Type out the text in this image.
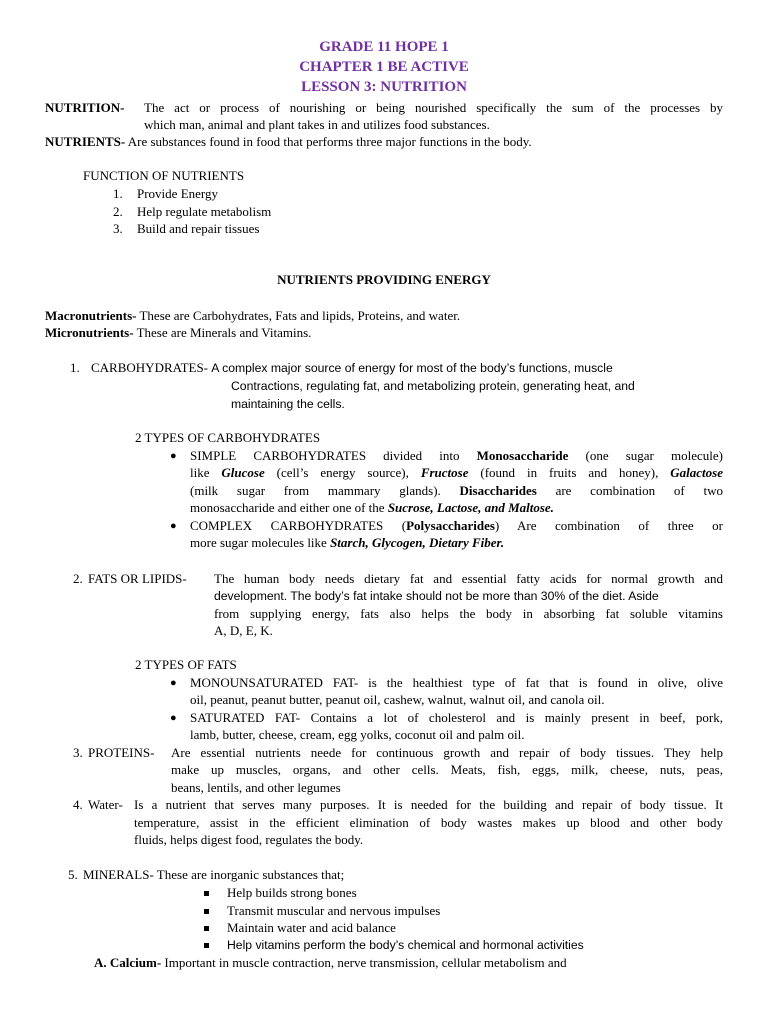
GRADE 11 HOPE 1
CHAPTER 1 BE ACTIVE
LESSON 3: NUTRITION
NUTRITION- The act or process of nourishing or being nourished specifically the sum of the processes by
which man, animal and plant takes in and utilizes food substances.
NUTRIENTS- Are substances found in food that performs three major functions in the body.
FUNCTION OF NUTRIENTS
1. Provide Energy
2. Help regulate metabolism
3. Build and repair tissues
NUTRIENTS PROVIDING ENERGY
Macronutrients- These are Carbohydrates, Fats and lipids, Proteins, and water.
Micronutrients- These are Minerals and Vitamins.
1. CARBOHYDRATES- A complex major source of energy for most of the body’s functions, muscle
Contractions, regulating fat, and metabolizing protein, generating heat, and
maintaining the cells.
2 TYPES OF CARBOHYDRATES
● SIMPLE CARBOHYDRATES divided into Monosaccharide (one sugar molecule)
like Glucose (cell’s energy source), Fructose (found in fruits and honey), Galactose
(milk sugar from mammary glands). Disaccharides are combination of two
monosaccharide and either one of the Sucrose, Lactose, and Maltose.
● COMPLEX CARBOHYDRATES (Polysaccharides) Are combination of three or
more sugar molecules like Starch, Glycogen, Dietary Fiber.
2. FATS OR LIPIDS- The human body needs dietary fat and essential fatty acids for normal growth and
development. The body’s fat intake should not be more than 30% of the diet. Aside
from supplying energy, fats also helps the body in absorbing fat soluble vitamins
A, D, E, K.
2 TYPES OF FATS
● MONOUNSATURATED FAT- is the healthiest type of fat that is found in olive, olive
oil, peanut, peanut butter, peanut oil, cashew, walnut, walnut oil, and canola oil.
● SATURATED FAT- Contains a lot of cholesterol and is mainly present in beef, pork,
lamb, butter, cheese, cream, egg yolks, coconut oil and palm oil.
3. PROTEINS- Are essential nutrients neede for continuous growth and repair of body tissues. They help
make up muscles, organs, and other cells. Meats, fish, eggs, milk, cheese, nuts, peas,
beans, lentils, and other legumes
4. Water- Is a nutrient that serves many purposes. It is needed for the building and repair of body tissue. It
temperature, assist in the efficient elimination of body wastes makes up blood and other body
fluids, helps digest food, regulates the body.
5. MINERALS- These are inorganic substances that;
Help builds strong bones
Transmit muscular and nervous impulses
Maintain water and acid balance
Help vitamins perform the body’s chemical and hormonal activities
A. Calcium- Important in muscle contraction, nerve transmission, cellular metabolism and
